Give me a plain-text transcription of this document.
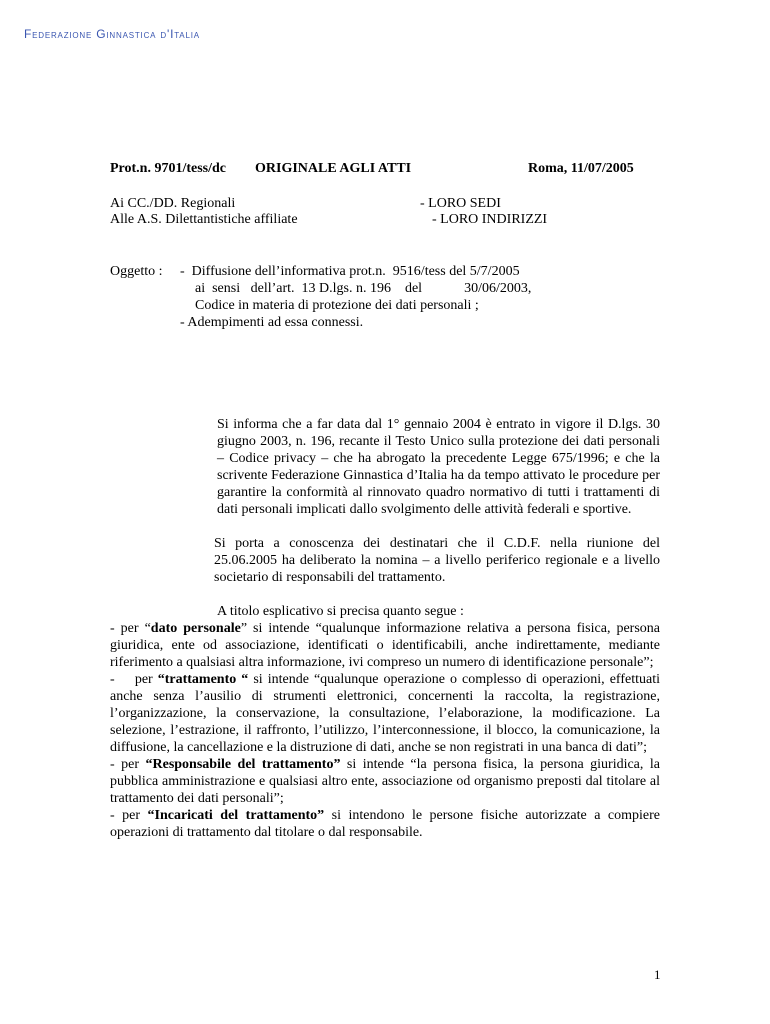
Federazione Ginnastica d'Italia
Prot.n. 9701/tess/dc ORIGINALE AGLI ATTI	Roma, 11/07/2005
Ai CC./DD. Regionali	- LORO SEDI
Alle A.S. Dilettantistiche affiliate	- LORO INDIRIZZI
Oggetto : -  Diffusione dell’informativa prot.n.  9516/tess del 5/7/2005
ai  sensi   dell’art.  13 D.lgs. n. 196    del            30/06/2003,
Codice in materia di protezione dei dati personali ;
- Adempimenti ad essa connessi.

Si informa che a far data dal 1° gennaio 2004 è entrato in vigore il D.lgs. 30 giugno 2003, n. 196, recante il Testo Unico sulla protezione dei dati personali – Codice privacy – che ha abrogato la precedente Legge 675/1996; e che la scrivente Federazione Ginnastica d’Italia ha da tempo attivato le procedure per garantire la conformità al rinnovato quadro normativo di tutti i trattamenti di dati personali implicati dallo svolgimento delle attività federali e sportive.

Si porta a conoscenza dei destinatari che il C.D.F. nella riunione del 25.06.2005 ha deliberato la nomina – a livello periferico regionale e a livello societario di responsabili del trattamento.

A titolo esplicativo si precisa quanto segue :

- per “dato personale” si intende “qualunque informazione relativa a persona fisica, persona giuridica, ente od associazione, identificati o identificabili, anche indirettamente, mediante riferimento a qualsiasi altra informazione, ivi compreso un numero di identificazione personale”;

-    per “trattamento “ si intende “qualunque operazione o complesso di operazioni, effettuati anche senza l’ausilio di strumenti elettronici, concernenti la raccolta, la registrazione, l’organizzazione, la conservazione, la consultazione, l’elaborazione, la modificazione. La selezione, l’estrazione, il raffronto, l’utilizzo, l’interconnessione, il blocco, la comunicazione, la diffusione, la cancellazione e la distruzione di dati, anche se non registrati in una banca di dati”;

- per “Responsabile del trattamento” si intende “la persona fisica, la persona giuridica, la pubblica amministrazione e qualsiasi altro ente, associazione od organismo preposti dal titolare al trattamento dei dati personali”;

- per “Incaricati del trattamento” si intendono le persone fisiche autorizzate a compiere operazioni di trattamento dal titolare o dal responsabile.

1
